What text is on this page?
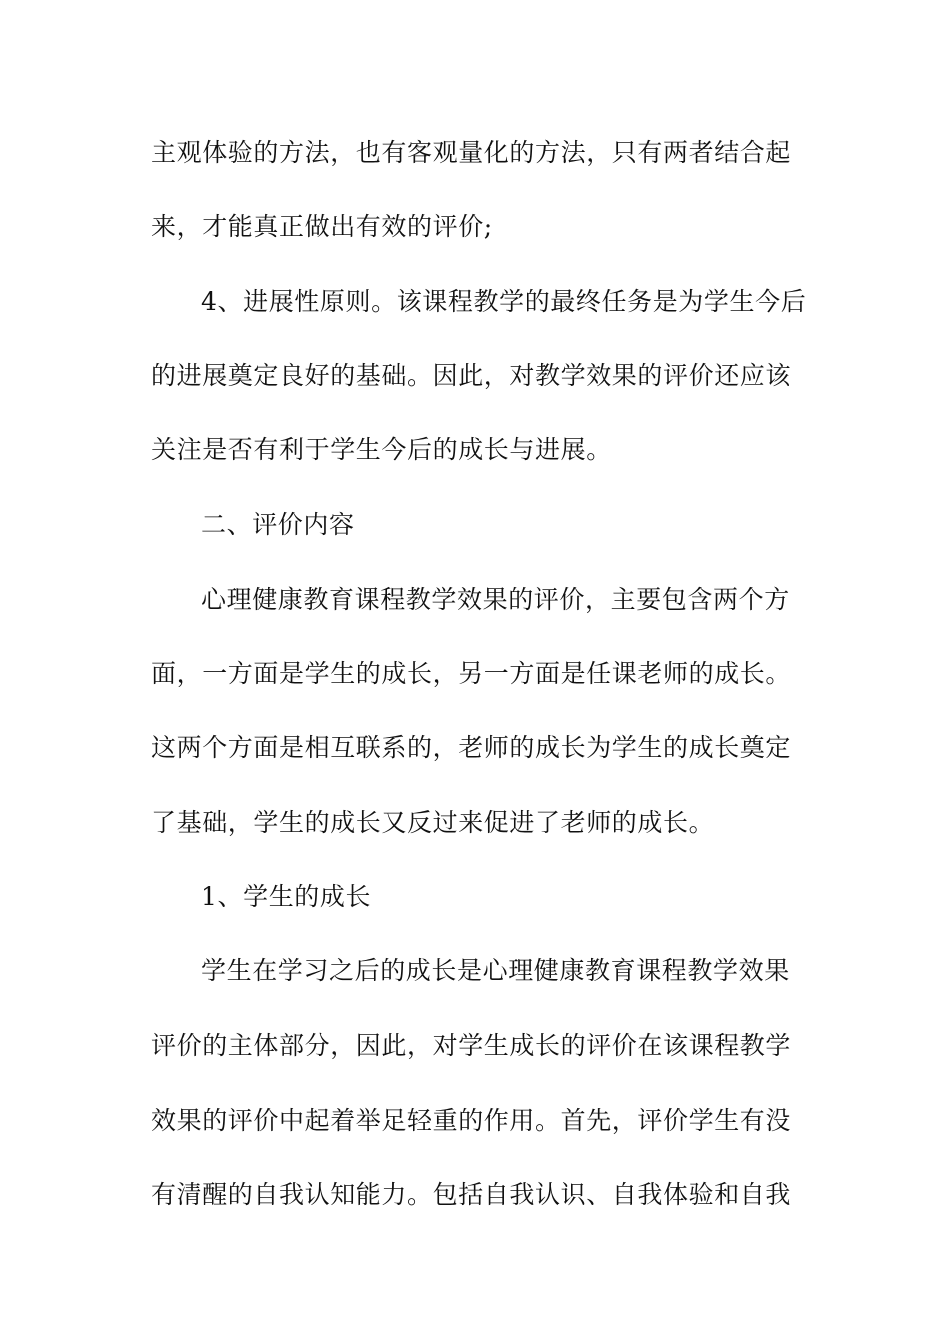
主观体验的方法，也有客观量化的方法，只有两者结合起
来，才能真正做出有效的评价;
4、进展性原则。该课程教学的最终任务是为学生今后
的进展奠定良好的基础。因此，对教学效果的评价还应该
关注是否有利于学生今后的成长与进展。
二、评价内容
心理健康教育课程教学效果的评价，主要包含两个方
面，一方面是学生的成长，另一方面是任课老师的成长。
这两个方面是相互联系的，老师的成长为学生的成长奠定
了基础，学生的成长又反过来促进了老师的成长。
1、学生的成长
学生在学习之后的成长是心理健康教育课程教学效果
评价的主体部分，因此，对学生成长的评价在该课程教学
效果的评价中起着举足轻重的作用。首先，评价学生有没
有清醒的自我认知能力。包括自我认识、自我体验和自我
